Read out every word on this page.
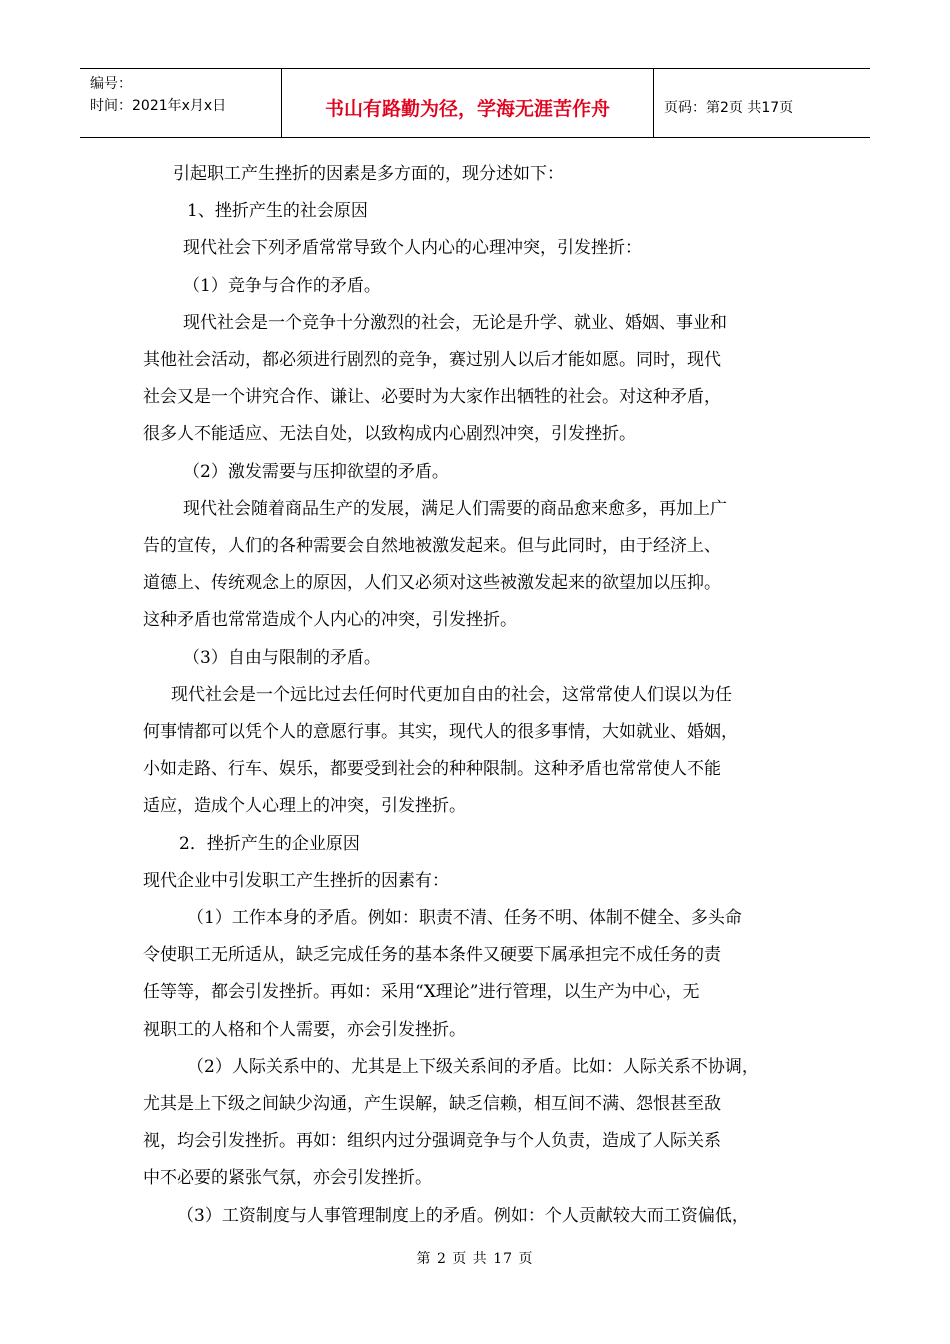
编号：
时间：2021年x月x日	书山有路勤为径，学海无涯苦作舟	页码：第2页 共17页

引起职工产生挫折的因素是多方面的，现分述如下：

1、挫折产生的社会原因

现代社会下列矛盾常常导致个人内心的心理冲突，引发挫折：

（1）竞争与合作的矛盾。

现代社会是一个竞争十分激烈的社会，无论是升学、就业、婚姻、事业和

其他社会活动，都必须进行剧烈的竞争，赛过别人以后才能如愿。同时，现代

社会又是一个讲究合作、谦让、必要时为大家作出牺牲的社会。对这种矛盾，

很多人不能适应、无法自处，以致构成内心剧烈冲突，引发挫折。

（2）激发需要与压抑欲望的矛盾。

现代社会随着商品生产的发展，满足人们需要的商品愈来愈多，再加上广

告的宣传，人们的各种需要会自然地被激发起来。但与此同时，由于经济上、

道德上、传统观念上的原因，人们又必须对这些被激发起来的欲望加以压抑。

这种矛盾也常常造成个人内心的冲突，引发挫折。

（3）自由与限制的矛盾。

现代社会是一个远比过去任何时代更加自由的社会，这常常使人们误以为任

何事情都可以凭个人的意愿行事。其实，现代人的很多事情，大如就业、婚姻，

小如走路、行车、娱乐，都要受到社会的种种限制。这种矛盾也常常使人不能

适应，造成个人心理上的冲突，引发挫折。

2．挫折产生的企业原因

现代企业中引发职工产生挫折的因素有：

（1）工作本身的矛盾。例如：职责不清、任务不明、体制不健全、多头命

令使职工无所适从，缺乏完成任务的基本条件又硬要下属承担完不成任务的责

任等等，都会引发挫折。再如：采用“X理论”进行管理，以生产为中心，无

视职工的人格和个人需要，亦会引发挫折。

（2）人际关系中的、尤其是上下级关系间的矛盾。比如：人际关系不协调，

尤其是上下级之间缺少沟通，产生误解，缺乏信赖，相互间不满、怨恨甚至敌

视，均会引发挫折。再如：组织内过分强调竞争与个人负责，造成了人际关系

中不必要的紧张气氛，亦会引发挫折。

（3）工资制度与人事管理制度上的矛盾。例如：个人贡献较大而工资偏低，

第 2 页 共 17 页
